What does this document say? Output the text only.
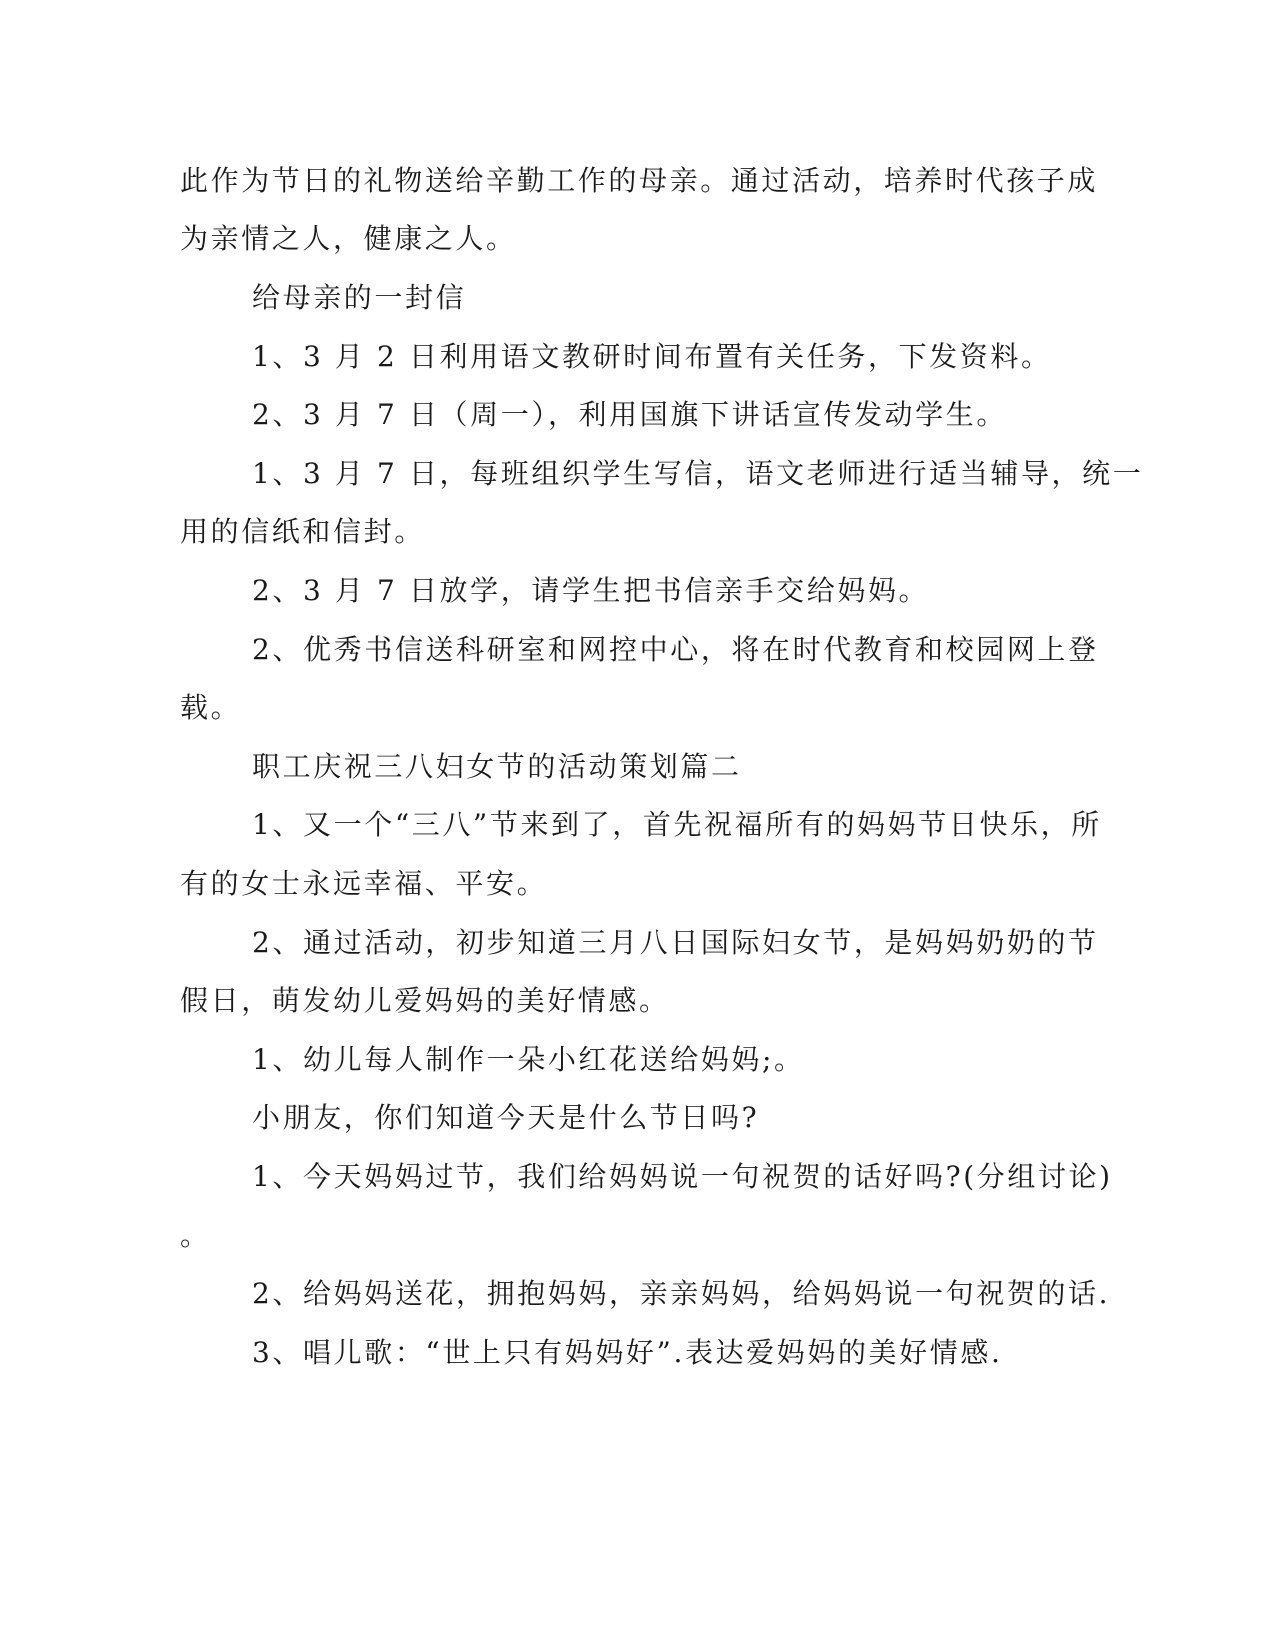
此作为节日的礼物送给辛勤工作的母亲。通过活动，培养时代孩子成
为亲情之人，健康之人。
给母亲的一封信
1、3 月 2 日利用语文教研时间布置有关任务，下发资料。
2、3 月 7 日（周一），利用国旗下讲话宣传发动学生。
1、3 月 7 日，每班组织学生写信，语文老师进行适当辅导，统一
用的信纸和信封。
2、3 月 7 日放学，请学生把书信亲手交给妈妈。
2、优秀书信送科研室和网控中心，将在时代教育和校园网上登
载。
职工庆祝三八妇女节的活动策划篇二
1、又一个“三八”节来到了，首先祝福所有的妈妈节日快乐，所
有的女士永远幸福、平安。
2、通过活动，初步知道三月八日国际妇女节，是妈妈奶奶的节
假日，萌发幼儿爱妈妈的美好情感。
1、幼儿每人制作一朵小红花送给妈妈;。
小朋友，你们知道今天是什么节日吗?
1、今天妈妈过节，我们给妈妈说一句祝贺的话好吗?(分组讨论)
。
2、给妈妈送花，拥抱妈妈，亲亲妈妈，给妈妈说一句祝贺的话.
3、唱儿歌：“世上只有妈妈好”.表达爱妈妈的美好情感.
